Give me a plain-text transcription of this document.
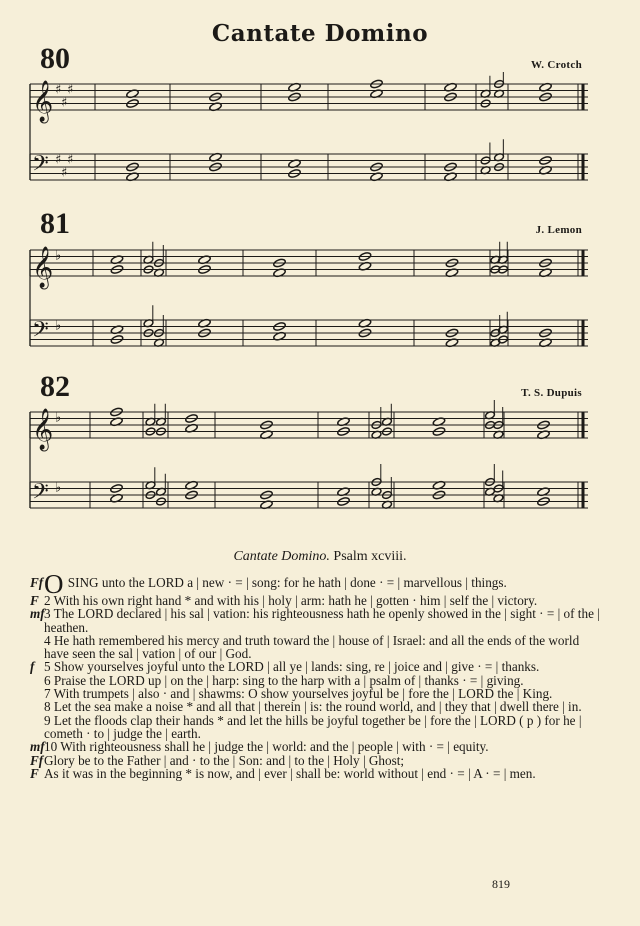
Cantate Domino
80	W. Crotch
𝄞 ♯
♯
♯
𝄢 ♯
♯
♯
81	J. Lemon
𝄞 ♭
𝄢 ♭
82	T. S. Dupuis
𝄞 ♭
𝄢 ♭
Cantate Domino. Psalm xcviii.

FfO SING unto the LORD a | new · = | song: for he hath | done · = | marvellous | things.

F 2 With his own right hand * and with his | holy | arm: hath he | gotten · him | self the | victory.

mf3 The LORD declared | his sal | vation: his righteousness hath he openly showed in the | sight · = | of the | heathen.

4 He hath remembered his mercy and truth toward the | house of | Israel: and all the ends of the world have seen the sal | vation | of our | God.

f 5 Show yourselves joyful unto the LORD | all ye | lands: sing, re | joice and | give · = | thanks.

6 Praise the LORD up | on the | harp: sing to the harp with a | psalm of | thanks · = | giving.

7 With trumpets | also · and | shawms: O show yourselves joyful be | fore the | LORD the | King.

8 Let the sea make a noise * and all that | therein | is: the round world, and | they that | dwell there | in.

9 Let the floods clap their hands * and let the hills be joyful together be | fore the | LORD ( p ) for he | cometh · to | judge the | earth.

mf10 With righteousness shall he | judge the | world: and the | people | with · = | equity.

FfGlory be to the Father | and · to the | Son: and | to the | Holy | Ghost;

F As it was in the beginning * is now, and | ever | shall be: world without | end · = | A · = | men.

819
